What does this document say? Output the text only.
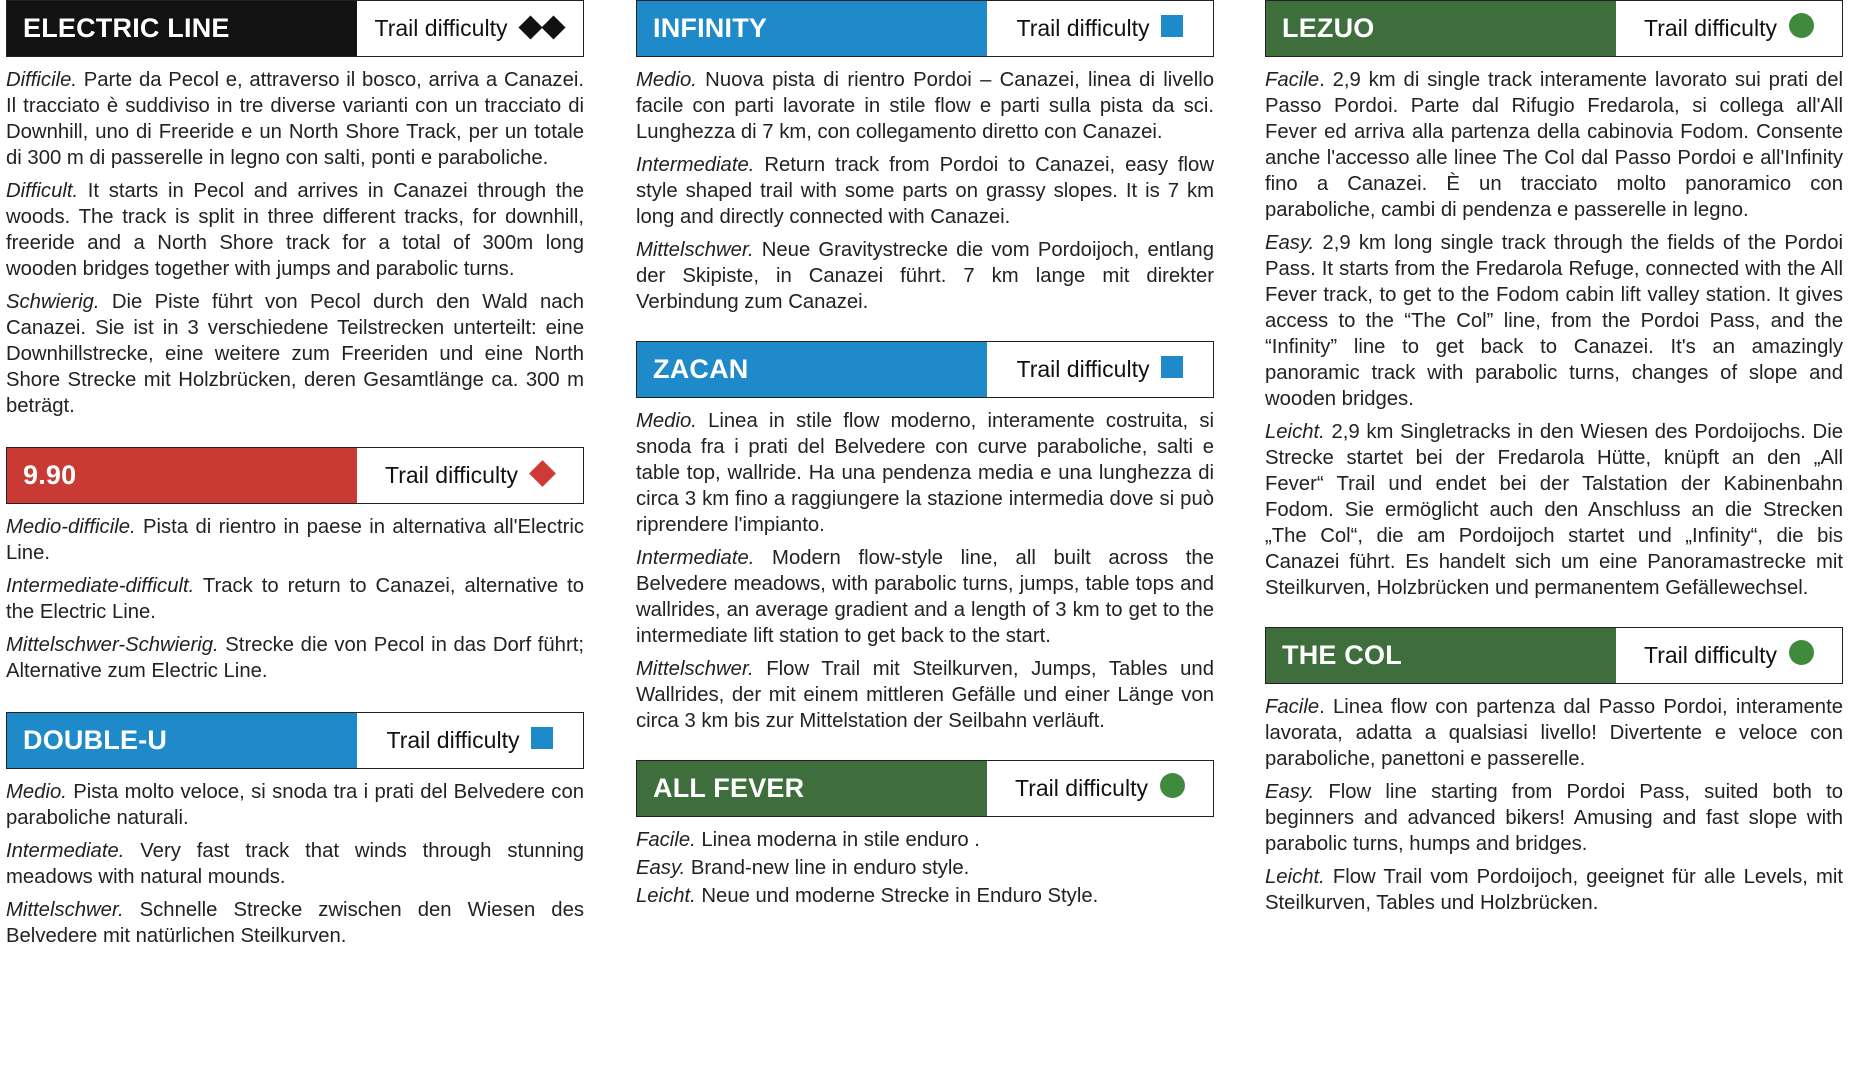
ELECTRIC LINE	Trail difficulty

Difficile. Parte da Pecol e, attraverso il bosco, arriva a Canazei. Il tracciato è suddiviso in tre diverse varianti con un tracciato di Downhill, uno di Freeride e un North Shore Track, per un totale di 300 m di passerelle in legno con salti, ponti e paraboliche.

Difficult. It starts in Pecol and arrives in Canazei through the woods. The track is split in three different tracks, for downhill, freeride and a North Shore track for a total of 300m long wooden bridges together with jumps and parabolic turns.

Schwierig. Die Piste führt von Pecol durch den Wald nach Canazei. Sie ist in 3 verschiedene Teilstrecken unterteilt: eine Downhillstrecke, eine weitere zum Freeriden und eine North Shore Strecke mit Holzbrücken, deren Gesamtlänge ca. 300 m beträgt.

9.90	Trail difficulty

Medio-difficile. Pista di rientro in paese in alternativa all'Electric Line.

Intermediate-difficult. Track to return to Canazei, alternative to the Electric Line.

Mittelschwer-Schwierig. Strecke die von Pecol in das Dorf führt; Alternative zum Electric Line.

DOUBLE-U	Trail difficulty

Medio. Pista molto veloce, si snoda tra i prati del Belvedere con paraboliche naturali.

Intermediate. Very fast track that winds through stunning meadows with natural mounds.

Mittelschwer. Schnelle Strecke zwischen den Wiesen des Belvedere mit natürlichen Steilkurven.

INFINITY	Trail difficulty

Medio. Nuova pista di rientro Pordoi – Canazei, linea di livello facile con parti lavorate in stile flow e parti sulla pista da sci. Lunghezza di 7 km, con collegamento diretto con Canazei.

Intermediate. Return track from Pordoi to Canazei, easy flow style shaped trail with some parts on grassy slopes. It is 7 km long and directly connected with Canazei.

Mittelschwer. Neue Gravitystrecke die vom Pordoijoch, entlang der Skipiste, in Canazei führt. 7 km lange mit direkter Verbindung zum Canazei.

ZACAN	Trail difficulty

Medio. Linea in stile flow moderno, interamente costruita, si snoda fra i prati del Belvedere con curve paraboliche, salti e table top, wallride. Ha una pendenza media e una lunghezza di circa 3 km fino a raggiungere la stazione intermedia dove si può riprendere l'impianto.

Intermediate. Modern flow-style line, all built across the Belvedere meadows, with parabolic turns, jumps, table tops and wallrides, an average gradient and a length of 3 km to get to the intermediate lift station to get back to the start.

Mittelschwer. Flow Trail mit Steilkurven, Jumps, Tables und Wallrides, der mit einem mittleren Gefälle und einer Länge von circa 3 km bis zur Mittelstation der Seilbahn verläuft.

ALL FEVER	Trail difficulty

Facile. Linea moderna in stile enduro .

Easy. Brand-new line in enduro style.

Leicht. Neue und moderne Strecke in Enduro Style.

LEZUO	Trail difficulty

Facile. 2,9 km di single track interamente lavorato sui prati del Passo Pordoi. Parte dal Rifugio Fredarola, si collega all'All Fever ed arriva alla partenza della cabinovia Fodom. Consente anche l'accesso alle linee The Col dal Passo Pordoi e all'Infinity fino a Canazei. È un tracciato molto panoramico con paraboliche, cambi di pendenza e passerelle in legno.

Easy. 2,9 km long single track through the fields of the Pordoi Pass. It starts from the Fredarola Refuge, connected with the All Fever track, to get to the Fodom cabin lift valley station. It gives access to the “The Col” line, from the Pordoi Pass, and the “Infinity” line to get back to Canazei. It's an amazingly panoramic track with parabolic turns, changes of slope and wooden bridges.

Leicht. 2,9 km Singletracks in den Wiesen des Pordoijochs. Die Strecke startet bei der Fredarola Hütte, knüpft an den „All Fever“ Trail und endet bei der Talstation der Kabinenbahn Fodom. Sie ermöglicht auch den Anschluss an die Strecken „The Col“, die am Pordoijoch startet und „Infinity“, die bis Canazei führt. Es handelt sich um eine Panoramastrecke mit Steilkurven, Holzbrücken und permanentem Gefällewechsel.

THE COL	Trail difficulty

Facile. Linea flow con partenza dal Passo Pordoi, interamente lavorata, adatta a qualsiasi livello! Divertente e veloce con paraboliche, panettoni e passerelle.

Easy. Flow line starting from Pordoi Pass, suited both to beginners and advanced bikers! Amusing and fast slope with parabolic turns, humps and bridges.

Leicht. Flow Trail vom Pordoijoch, geeignet für alle Levels, mit Steilkurven, Tables und Holzbrücken.
